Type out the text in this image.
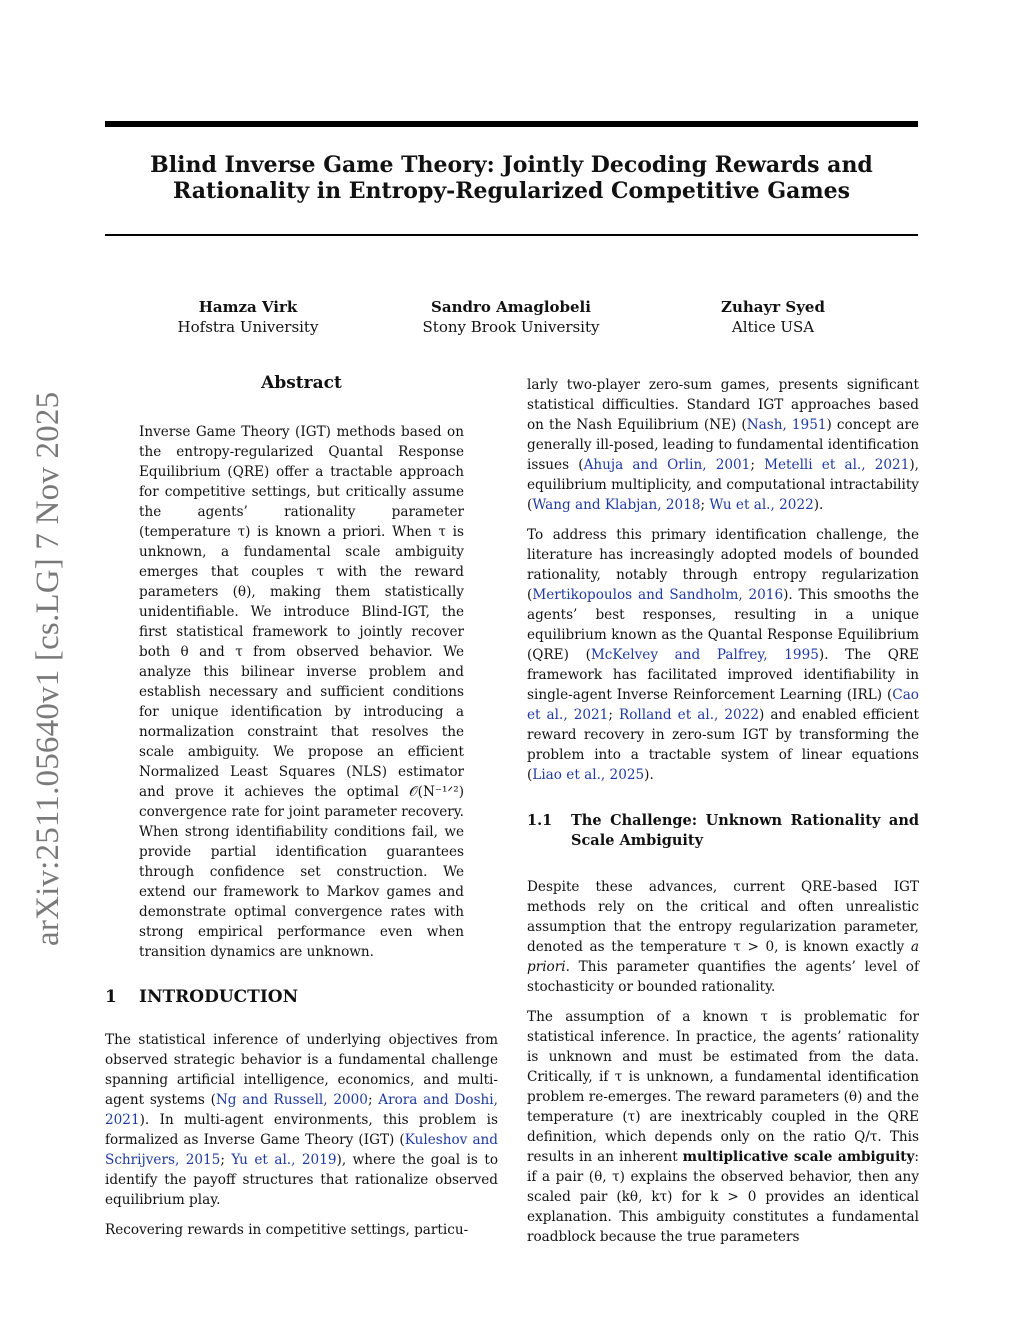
Blind Inverse Game Theory: Jointly Decoding Rewards and
Rationality in Entropy-Regularized Competitive Games
Hamza Virk
Hofstra University
Sandro Amaglobeli
Stony Brook University
Zuhayr Syed
Altice USA
arXiv:2511.05640v1 [cs.LG] 7 Nov 2025
Abstract
Inverse Game Theory (IGT) methods based on the entropy-regularized Quantal Response Equilibrium (QRE) offer a tractable approach for competitive settings, but critically assume the agents’ rationality parameter (temperature τ) is known a priori. When τ is unknown, a fundamental scale ambiguity emerges that couples τ with the reward parameters (θ), making them statistically unidentifiable. We introduce Blind-IGT, the first statistical framework to jointly recover both θ and τ from observed behavior. We analyze this bilinear inverse problem and establish necessary and sufficient conditions for unique identification by introducing a normalization constraint that resolves the scale ambiguity. We propose an efficient Normalized Least Squares (NLS) estimator and prove it achieves the optimal 𝒪(N⁻¹ᐟ²) convergence rate for joint parameter recovery. When strong identifiability conditions fail, we provide partial identification guarantees through confidence set construction. We extend our framework to Markov games and demonstrate optimal convergence rates with strong empirical performance even when transition dynamics are unknown.
1 INTRODUCTION

The statistical inference of underlying objectives from observed strategic behavior is a fundamental challenge spanning artificial intelligence, economics, and multi-agent systems (Ng and Russell, 2000; Arora and Doshi, 2021). In multi-agent environments, this problem is formalized as Inverse Game Theory (IGT) (Kuleshov and Schrijvers, 2015; Yu et al., 2019), where the goal is to identify the payoff structures that rationalize observed equilibrium play.

Recovering rewards in competitive settings, particu-

larly two-player zero-sum games, presents significant statistical difficulties. Standard IGT approaches based on the Nash Equilibrium (NE) (Nash, 1951) concept are generally ill-posed, leading to fundamental identification issues (Ahuja and Orlin, 2001; Metelli et al., 2021), equilibrium multiplicity, and computational intractability (Wang and Klabjan, 2018; Wu et al., 2022).

To address this primary identification challenge, the literature has increasingly adopted models of bounded rationality, notably through entropy regularization (Mertikopoulos and Sandholm, 2016). This smooths the agents’ best responses, resulting in a unique equilibrium known as the Quantal Response Equilibrium (QRE) (McKelvey and Palfrey, 1995). The QRE framework has facilitated improved identifiability in single-agent Inverse Reinforcement Learning (IRL) (Cao et al., 2021; Rolland et al., 2022) and enabled efficient reward recovery in zero-sum IGT by transforming the problem into a tractable system of linear equations (Liao et al., 2025).

1.1	The Challenge: Unknown Rationality and Scale Ambiguity

Despite these advances, current QRE-based IGT methods rely on the critical and often unrealistic assumption that the entropy regularization parameter, denoted as the temperature τ > 0, is known exactly a priori. This parameter quantifies the agents’ level of stochasticity or bounded rationality.

The assumption of a known τ is problematic for statistical inference. In practice, the agents’ rationality is unknown and must be estimated from the data. Critically, if τ is unknown, a fundamental identification problem re-emerges. The reward parameters (θ) and the temperature (τ) are inextricably coupled in the QRE definition, which depends only on the ratio Q/τ. This results in an inherent multiplicative scale ambiguity: if a pair (θ, τ) explains the observed behavior, then any scaled pair (kθ, kτ) for k > 0 provides an identical explanation. This ambiguity constitutes a fundamental roadblock because the true parameters
